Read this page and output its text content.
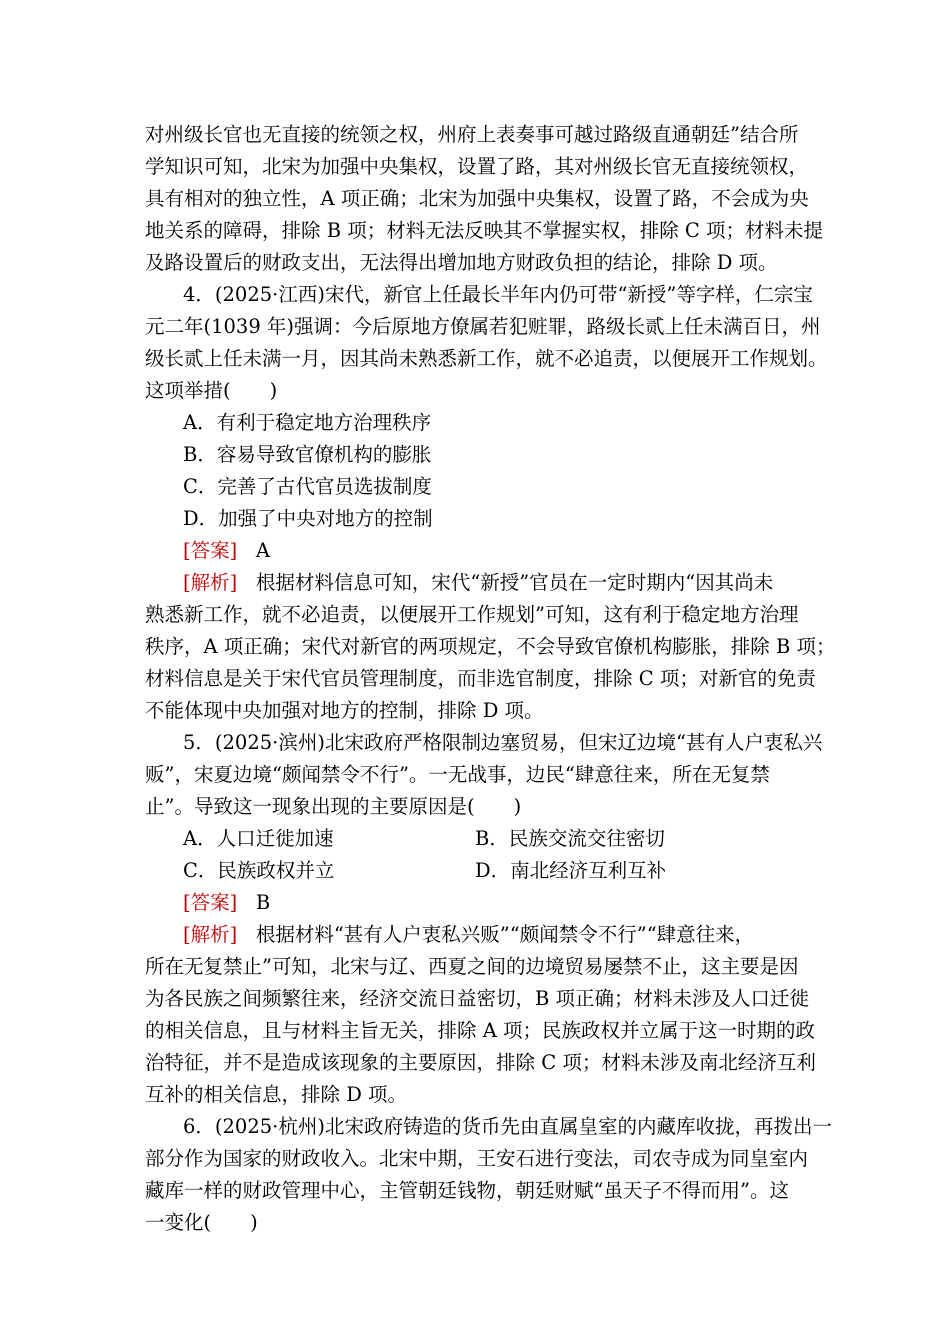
对州级长官也无直接的统领之权，州府上表奏事可越过路级直通朝廷”结合所
学知识可知，北宋为加强中央集权，设置了路，其对州级长官无直接统领权，
具有相对的独立性，A 项正确；北宋为加强中央集权，设置了路，不会成为央
地关系的障碍，排除 B 项；材料无法反映其不掌握实权，排除 C 项；材料未提
及路设置后的财政支出，无法得出增加地方财政负担的结论，排除 D 项。
4．(2025·江西)宋代，新官上任最长半年内仍可带“新授”等字样，仁宗宝
元二年(1039 年)强调：今后原地方僚属若犯赃罪，路级长贰上任未满百日，州
级长贰上任未满一月，因其尚未熟悉新工作，就不必追责，以便展开工作规划。
这项举措(　　)
A．有利于稳定地方治理秩序
B．容易导致官僚机构的膨胀
C．完善了古代官员选拔制度
D．加强了中央对地方的控制
[答案] A
[解析] 根据材料信息可知，宋代“新授”官员在一定时期内“因其尚未
熟悉新工作，就不必追责，以便展开工作规划”可知，这有利于稳定地方治理
秩序，A 项正确；宋代对新官的两项规定，不会导致官僚机构膨胀，排除 B 项；
材料信息是关于宋代官员管理制度，而非选官制度，排除 C 项；对新官的免责
不能体现中央加强对地方的控制，排除 D 项。
5．(2025·滨州)北宋政府严格限制边塞贸易，但宋辽边境“甚有人户衷私兴
贩”，宋夏边境“颇闻禁令不行”。一无战事，边民“肆意往来，所在无复禁
止”。导致这一现象出现的主要原因是(　　)
A．人口迁徙加速	B．民族交流交往密切
C．民族政权并立	D．南北经济互利互补
[答案] B
[解析] 根据材料“甚有人户衷私兴贩”“颇闻禁令不行”“肆意往来，
所在无复禁止”可知，北宋与辽、西夏之间的边境贸易屡禁不止，这主要是因
为各民族之间频繁往来，经济交流日益密切，B 项正确；材料未涉及人口迁徙
的相关信息，且与材料主旨无关，排除 A 项；民族政权并立属于这一时期的政
治特征，并不是造成该现象的主要原因，排除 C 项；材料未涉及南北经济互利
互补的相关信息，排除 D 项。
6．(2025·杭州)北宋政府铸造的货币先由直属皇室的内藏库收拢，再拨出一
部分作为国家的财政收入。北宋中期，王安石进行变法，司农寺成为同皇室内
藏库一样的财政管理中心，主管朝廷钱物，朝廷财赋“虽天子不得而用”。这
一变化(　　)
